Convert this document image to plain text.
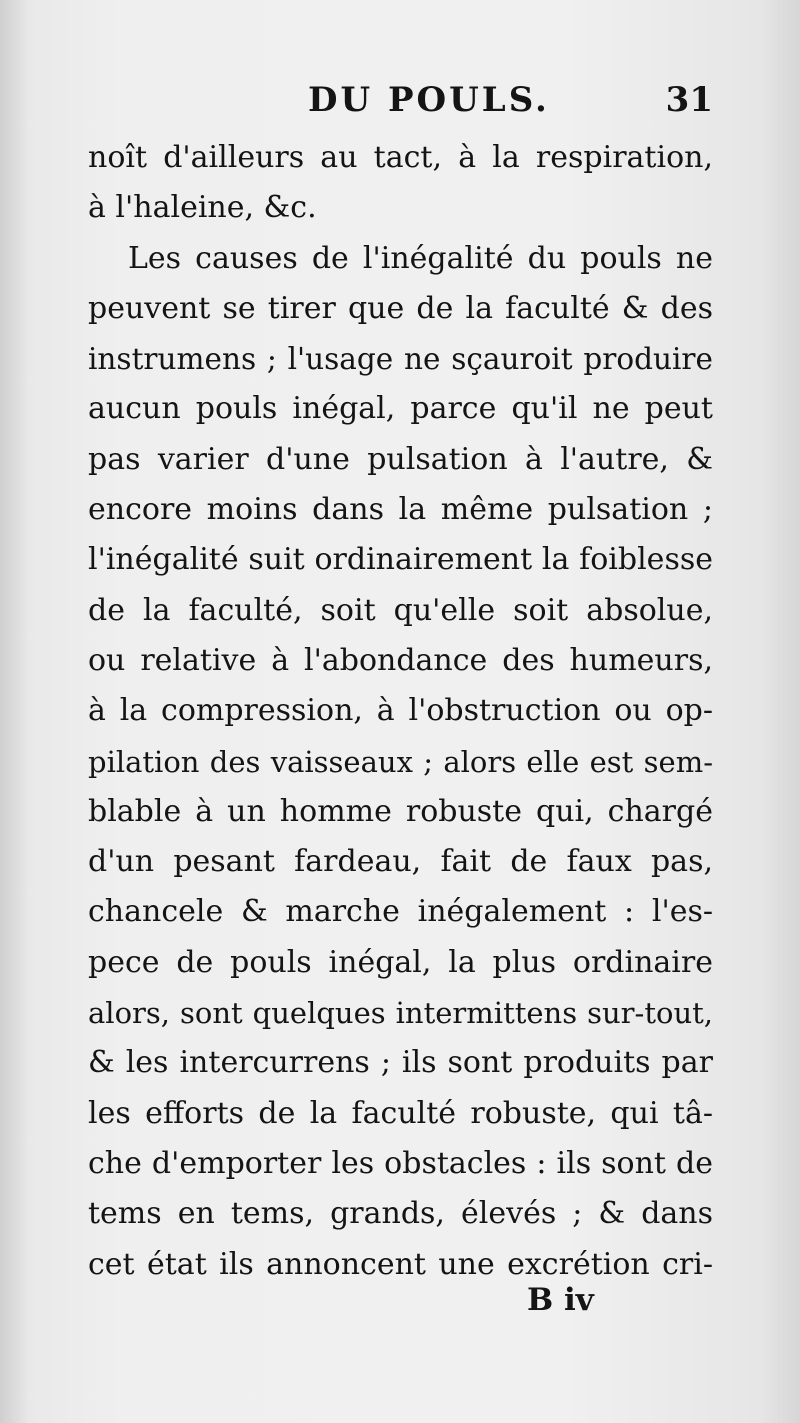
DU POULS.	31
noît d'ailleurs au tact, à la respiration,
à l'haleine, &c.
Les causes de l'inégalité du pouls ne
peuvent se tirer que de la faculté & des
instrumens ; l'usage ne sçauroit produire
aucun pouls inégal, parce qu'il ne peut
pas varier d'une pulsation à l'autre, &
encore moins dans la même pulsation ;
l'inégalité suit ordinairement la foiblesse
de la faculté, soit qu'elle soit absolue,
ou relative à l'abondance des humeurs,
à la compression, à l'obstruction ou op-
pilation des vaisseaux ; alors elle est sem-
blable à un homme robuste qui, chargé
d'un pesant fardeau, fait de faux pas,
chancele & marche inégalement : l'es-
pece de pouls inégal, la plus ordinaire
alors, sont quelques intermittens sur-tout,
& les intercurrens ; ils sont produits par
les efforts de la faculté robuste, qui tâ-
che d'emporter les obstacles : ils sont de
tems en tems, grands, élevés ; & dans
cet état ils annoncent une excrétion cri-
B iv
